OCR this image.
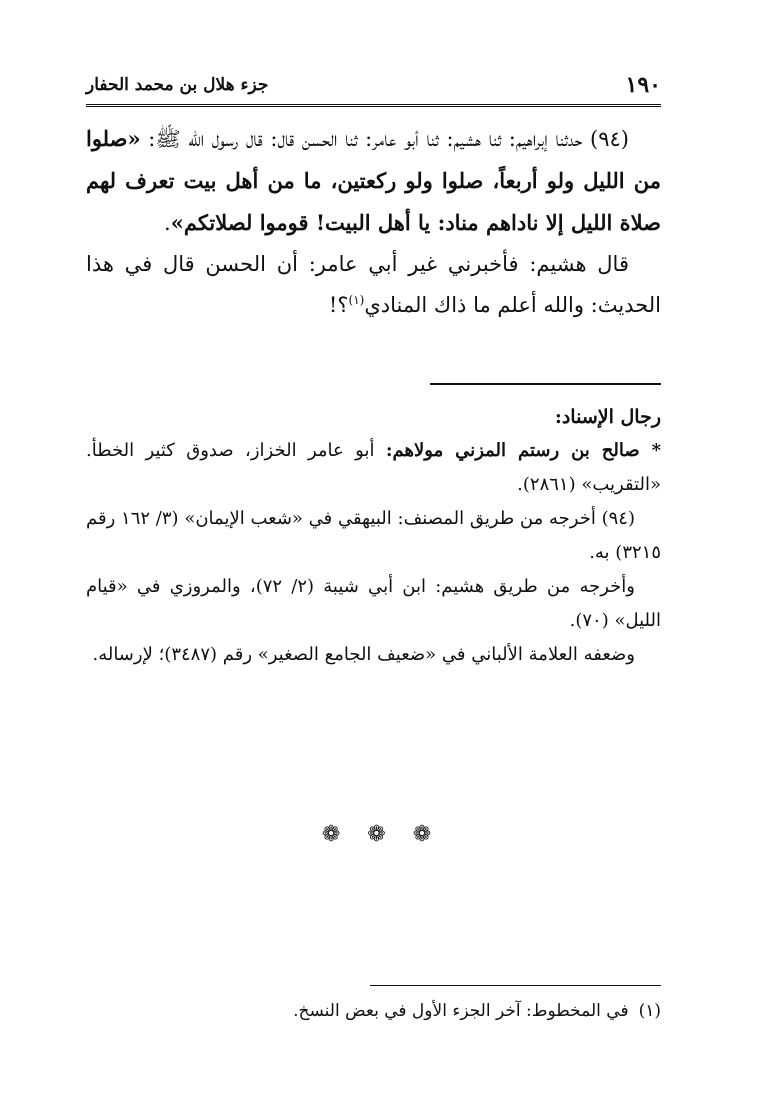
١٩٠
جزء هلال بن محمد الحفار

(٩٤) حدثنا إبراهيم: ثنا هشيم: ثنا أبو عامر: ثنا الحسن قال: قال رسول الله ﷺ: «صلوا من الليل ولو أربعاً، صلوا ولو ركعتين، ما من أهل بيت تعرف لهم صلاة الليل إلا ناداهم مناد: يا أهل البيت! قوموا لصلاتكم».

قال هشيم: فأخبرني غير أبي عامر: أن الحسن قال في هذا الحديث: والله أعلم ما ذاك المنادي$^{(١)}$؟!

رجال الإسناد:

* صالح بن رستم المزني مولاهم: أبو عامر الخزاز، صدوق كثير الخطأ. «التقريب» (٢٨٦١).

(٩٤) أخرجه من طريق المصنف: البيهقي في «شعب الإيمان» (٣/ ١٦٢ رقم ٣٢١٥) به.

وأخرجه من طريق هشيم: ابن أبي شيبة (٢/ ٧٢)، والمروزي في «قيام الليل» (٧٠).

وضعفه العلامة الألباني في «ضعيف الجامع الصغير» رقم (٣٤٨٧)؛ لإرساله.

❁ ❁ ❁
(١)في المخطوط: آخر الجزء الأول في بعض النسخ.
